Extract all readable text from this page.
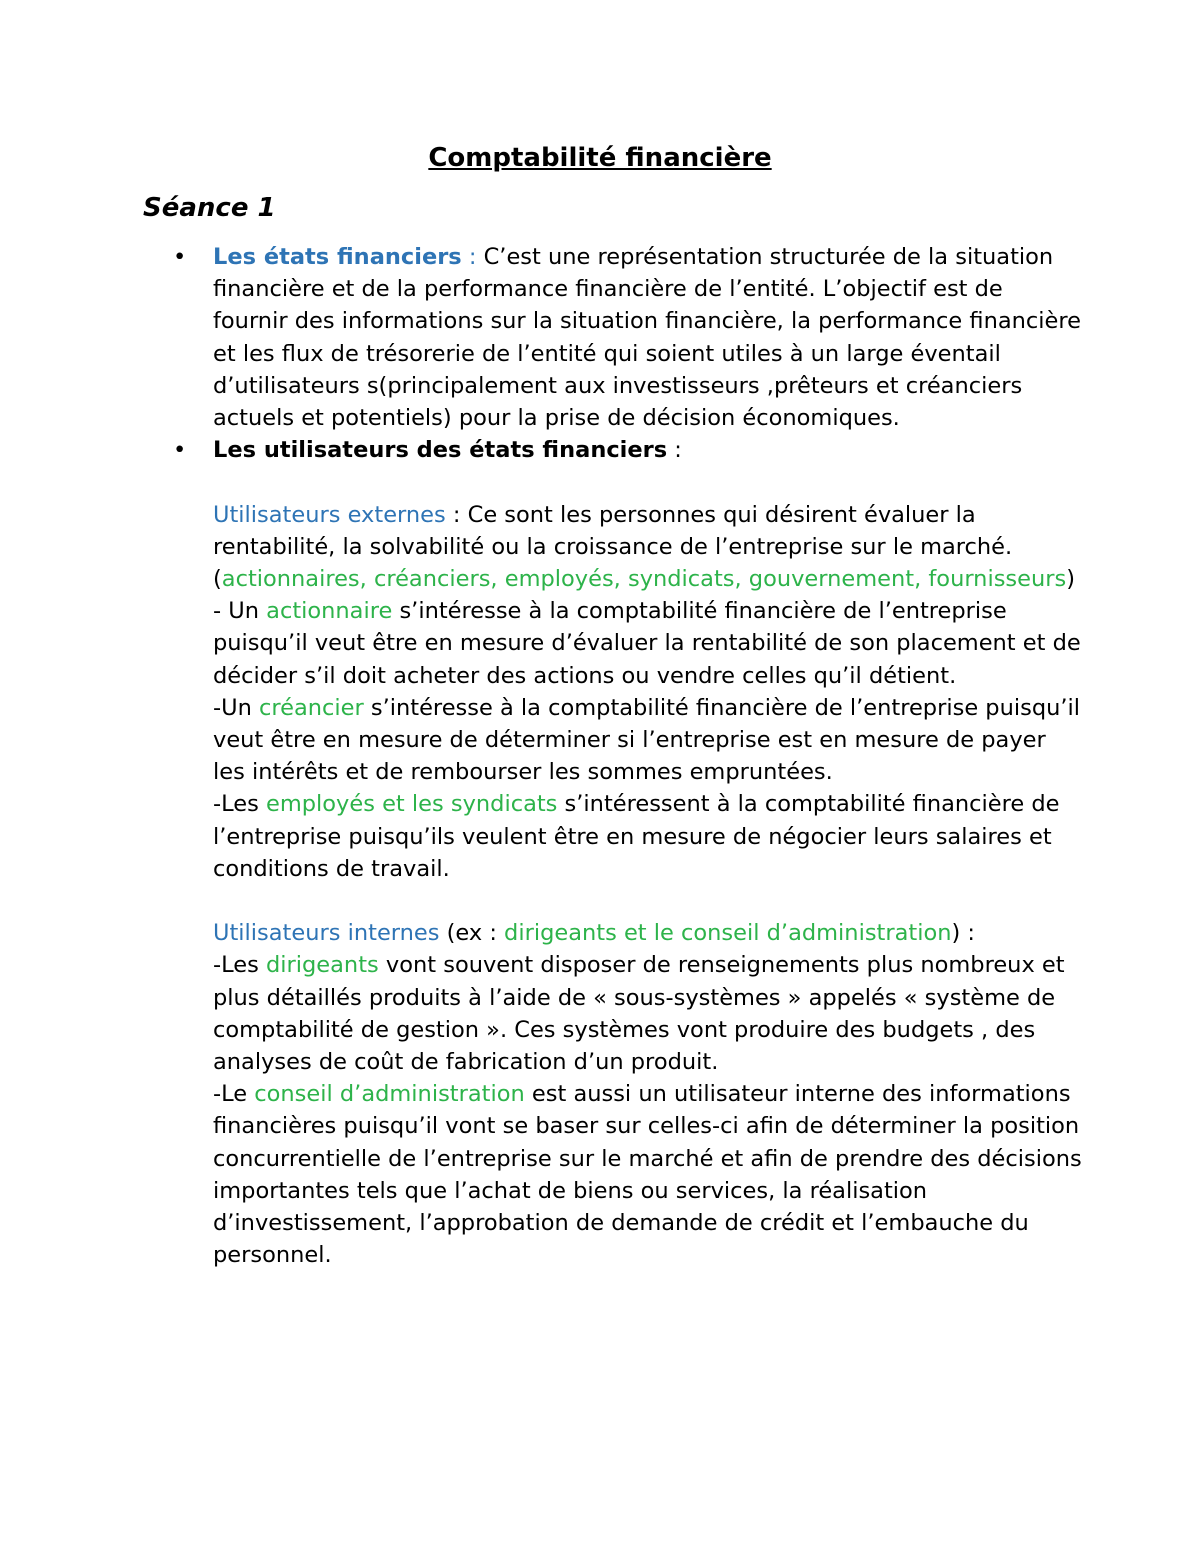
Comptabilité financière
Séance 1

• Les états financiers : C’est une représentation structurée de la situation financière et de la performance financière de l’entité. L’objectif est de fournir des informations sur la situation financière, la performance financière et les flux de trésorerie de l’entité qui soient utiles à un large éventail d’utilisateurs s(principalement aux investisseurs ,prêteurs et créanciers actuels et potentiels) pour la prise de décision économiques.

• Les utilisateurs des états financiers :

Utilisateurs externes : Ce sont les personnes qui désirent évaluer la rentabilité, la solvabilité ou la croissance de l’entreprise sur le marché. (actionnaires, créanciers, employés, syndicats, gouvernement, fournisseurs)

- Un actionnaire s’intéresse à la comptabilité financière de l’entreprise puisqu’il veut être en mesure d’évaluer la rentabilité de son placement et de décider s’il doit acheter des actions ou vendre celles qu’il détient.

-Un créancier s’intéresse à la comptabilité financière de l’entreprise puisqu’il veut être en mesure de déterminer si l’entreprise est en mesure de payer les intérêts et de rembourser les sommes empruntées.

-Les employés et les syndicats s’intéressent à la comptabilité financière de l’entreprise puisqu’ils veulent être en mesure de négocier leurs salaires et conditions de travail.

Utilisateurs internes (ex : dirigeants et le conseil d’administration) :

-Les dirigeants vont souvent disposer de renseignements plus nombreux et plus détaillés produits à l’aide de « sous-systèmes » appelés « système de comptabilité de gestion ». Ces systèmes vont produire des budgets , des analyses de coût de fabrication d’un produit.

-Le conseil d’administration est aussi un utilisateur interne des informations financières puisqu’il vont se baser sur celles-ci afin de déterminer la position concurrentielle de l’entreprise sur le marché et afin de prendre des décisions importantes tels que l’achat de biens ou services, la réalisation d’investissement, l’approbation de demande de crédit et l’embauche du personnel.
